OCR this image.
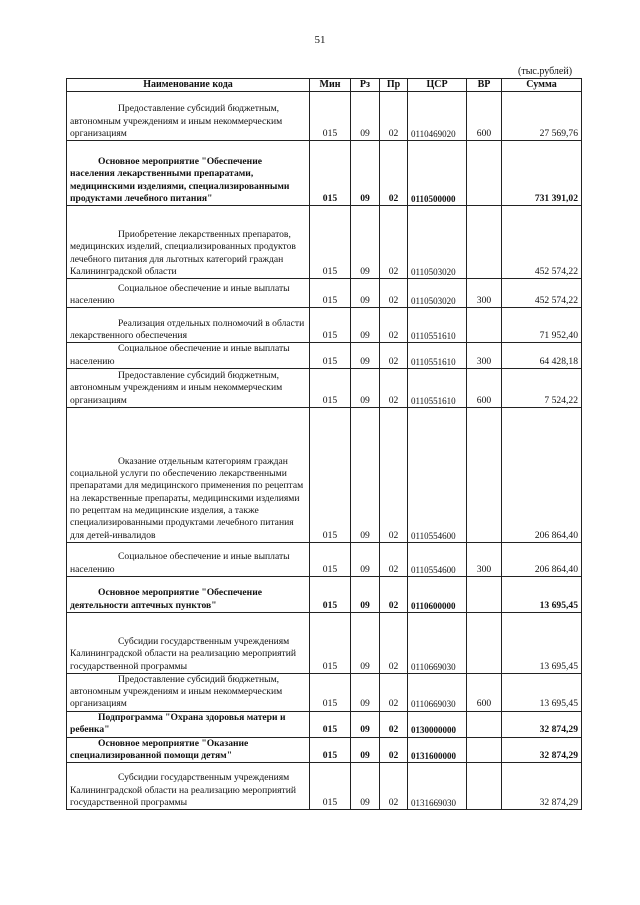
51
(тыс.рублей)
Наименование кода	Мин	Рз	Пр	ЦСР	ВР	Сумма
Предоставление субсидий бюджетным, автономным учреждениям и иным некоммерческим организациям	015	09	02	0110469020	600	27 569,76
Основное мероприятие "Обеспечение населения лекарственными препаратами, медицинскими изделиями, специализированными продуктами лечебного питания"	015	09	02	0110500000		731 391,02
Приобретение лекарственных препаратов, медицинских изделий, специализированных продуктов лечебного питания для льготных категорий граждан Калининградской области	015	09	02	0110503020		452 574,22
Социальное обеспечение и иные выплаты населению	015	09	02	0110503020	300	452 574,22
Реализация отдельных полномочий в области лекарственного обеспечения	015	09	02	0110551610		71 952,40
Социальное обеспечение и иные выплаты населению	015	09	02	0110551610	300	64 428,18
Предоставление субсидий бюджетным, автономным учреждениям и иным некоммерческим организациям	015	09	02	0110551610	600	7 524,22
Оказание отдельным категориям граждан социальной услуги по обеспечению лекарственными препаратами для медицинского применения по рецептам на лекарственные препараты, медицинскими изделиями по рецептам на медицинские изделия, а также специализированными продуктами лечебного питания для детей-инвалидов	015	09	02	0110554600		206 864,40
Социальное обеспечение и иные выплаты населению	015	09	02	0110554600	300	206 864,40
Основное мероприятие "Обеспечение деятельности аптечных пунктов"	015	09	02	0110600000		13 695,45
Субсидии государственным учреждениям Калининградской области на реализацию мероприятий государственной программы	015	09	02	0110669030		13 695,45
Предоставление субсидий бюджетным, автономным учреждениям и иным некоммерческим организациям	015	09	02	0110669030	600	13 695,45
Подпрограмма "Охрана здоровья матери и ребенка"	015	09	02	0130000000		32 874,29
Основное мероприятие "Оказание специализированной помощи детям"	015	09	02	0131600000		32 874,29
Субсидии государственным учреждениям Калининградской области на реализацию мероприятий государственной программы	015	09	02	0131669030		32 874,29
